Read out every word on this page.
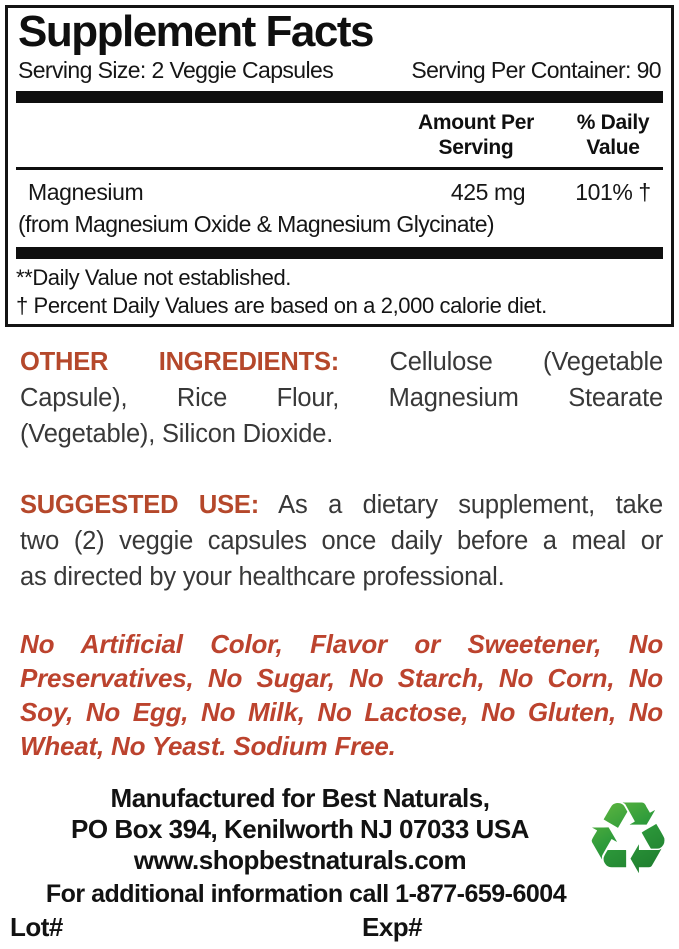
Supplement Facts
Serving Size: 2 Veggie Capsules	Serving Per Container: 90
Amount Per Serving
% Daily Value
Magnesium	425 mg	101% †
(from Magnesium Oxide & Magnesium Glycinate)
**Daily Value not established.
† Percent Daily Values are based on a 2,000 calorie diet.
OTHER INGREDIENTS: Cellulose (Vegetable
Capsule), Rice Flour, Magnesium Stearate
(Vegetable), Silicon Dioxide.
SUGGESTED USE: As a dietary supplement, take
two (2) veggie capsules once daily before a meal or
as directed by your healthcare professional.
No Artificial Color, Flavor or Sweetener, No
Preservatives, No Sugar, No Starch, No Corn, No
Soy, No Egg, No Milk, No Lactose, No Gluten, No
Wheat, No Yeast. Sodium Free.
Manufactured for Best Naturals,
PO Box 394, Kenilworth NJ 07033 USA
www.shopbestnaturals.com
For additional information call 1-877-659-6004
Lot#	Exp#
♻
